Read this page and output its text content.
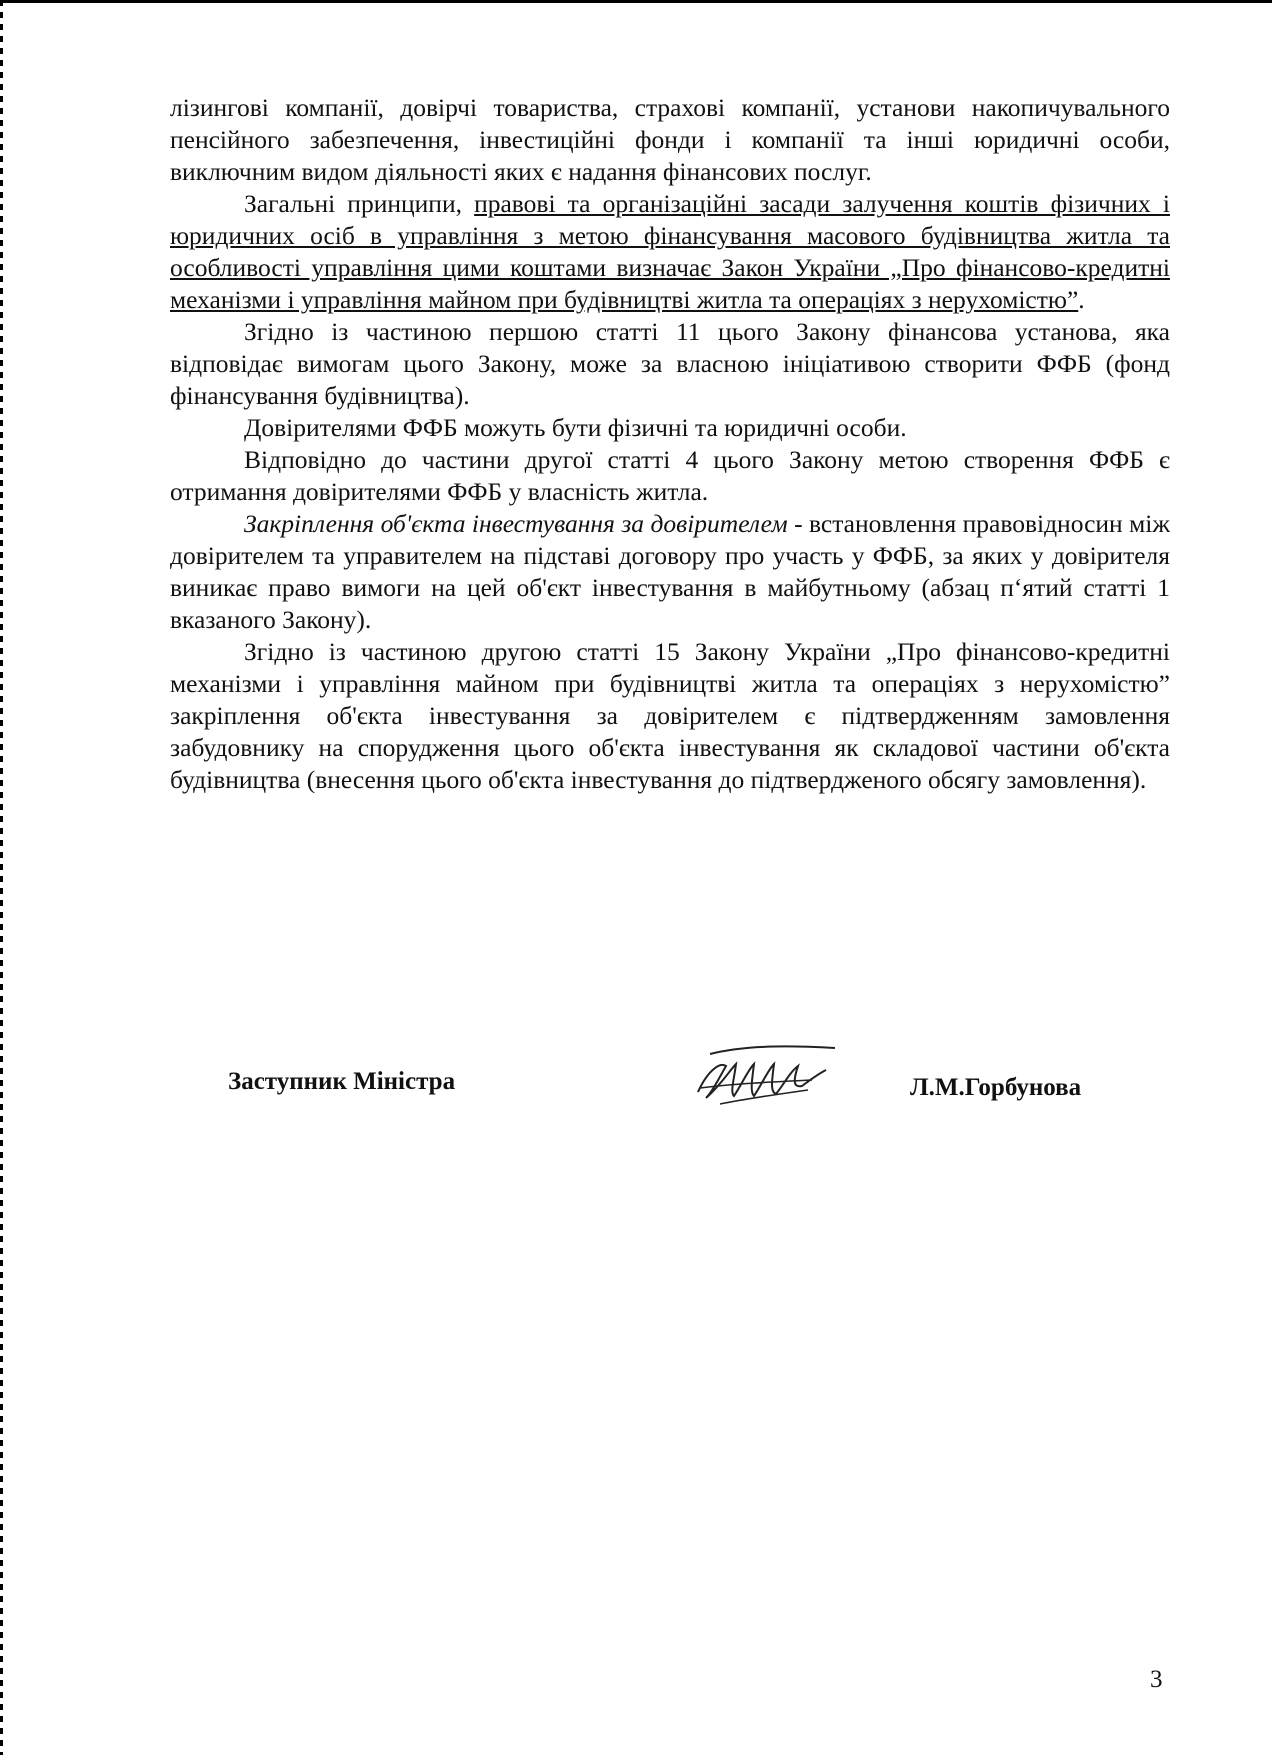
лізингові компанії, довірчі товариства, страхові компанії, установи накопичувального пенсійного забезпечення, інвестиційні фонди і компанії та інші юридичні особи, виключним видом діяльності яких є надання фінансових послуг.

Загальні принципи, правові та організаційні засади залучення коштів фізичних і юридичних осіб в управління з метою фінансування масового будівництва житла та особливості управління цими коштами визначає Закон України „Про фінансово-кредитні механізми і управління майном при будівництві житла та операціях з нерухомістю”.

Згідно із частиною першою статті 11 цього Закону фінансова установа, яка відповідає вимогам цього Закону, може за власною ініціативою створити ФФБ (фонд фінансування будівництва).

Довірителями ФФБ можуть бути фізичні та юридичні особи.

Відповідно до частини другої статті 4 цього Закону метою створення ФФБ є отримання довірителями ФФБ у власність житла.

Закріплення об'єкта інвестування за довірителем - встановлення правовідносин між довірителем та управителем на підставі договору про участь у ФФБ, за яких у довірителя виникає право вимоги на цей об'єкт інвестування в майбутньому (абзац п‘ятий статті 1 вказаного Закону).

Згідно із частиною другою статті 15 Закону України „Про фінансово-кредитні механізми і управління майном при будівництві житла та операціях з нерухомістю” закріплення об'єкта інвестування за довірителем є підтвердженням замовлення забудовнику на спорудження цього об'єкта інвестування як складової частини об'єкта будівництва (внесення цього об'єкта інвестування до підтвердженого обсягу замовлення).

Заступник Міністра	Л.М.Горбунова
3
